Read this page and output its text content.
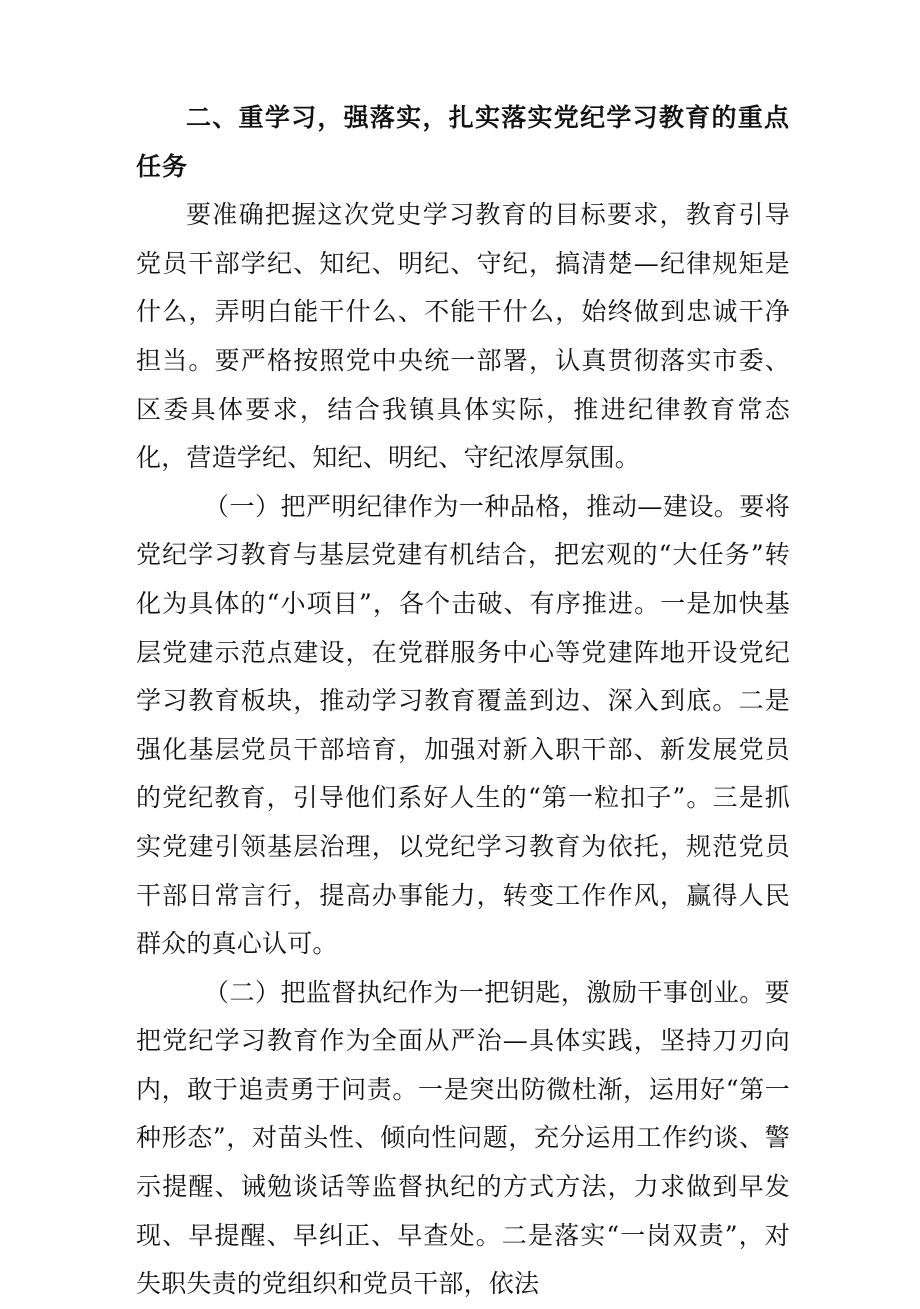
二、重学习，强落实，扎实落实党纪学习教育的重点任务

要准确把握这次党史学习教育的目标要求，教育引导党员干部学纪、知纪、明纪、守纪，搞清楚—纪律规矩是什么，弄明白能干什么、不能干什么，始终做到忠诚干净担当。要严格按照党中央统一部署，认真贯彻落实市委、区委具体要求，结合我镇具体实际，推进纪律教育常态化，营造学纪、知纪、明纪、守纪浓厚氛围。

（一）把严明纪律作为一种品格，推动—建设。要将党纪学习教育与基层党建有机结合，把宏观的“大任务”转化为具体的“小项目”，各个击破、有序推进。一是加快基层党建示范点建设，在党群服务中心等党建阵地开设党纪学习教育板块，推动学习教育覆盖到边、深入到底。二是强化基层党员干部培育，加强对新入职干部、新发展党员的党纪教育，引导他们系好人生的“第一粒扣子”。三是抓实党建引领基层治理，以党纪学习教育为依托，规范党员干部日常言行，提高办事能力，转变工作作风，赢得人民群众的真心认可。

（二）把监督执纪作为一把钥匙，激励干事创业。要把党纪学习教育作为全面从严治—具体实践，坚持刀刃向内，敢于追责勇于问责。一是突出防微杜渐，运用好“第一种形态”，对苗头性、倾向性问题，充分运用工作约谈、警示提醒、诫勉谈话等监督执纪的方式方法，力求做到早发现、早提醒、早纠正、早查处。二是落实“一岗双责”，对失职失责的党组织和党员干部，依法
